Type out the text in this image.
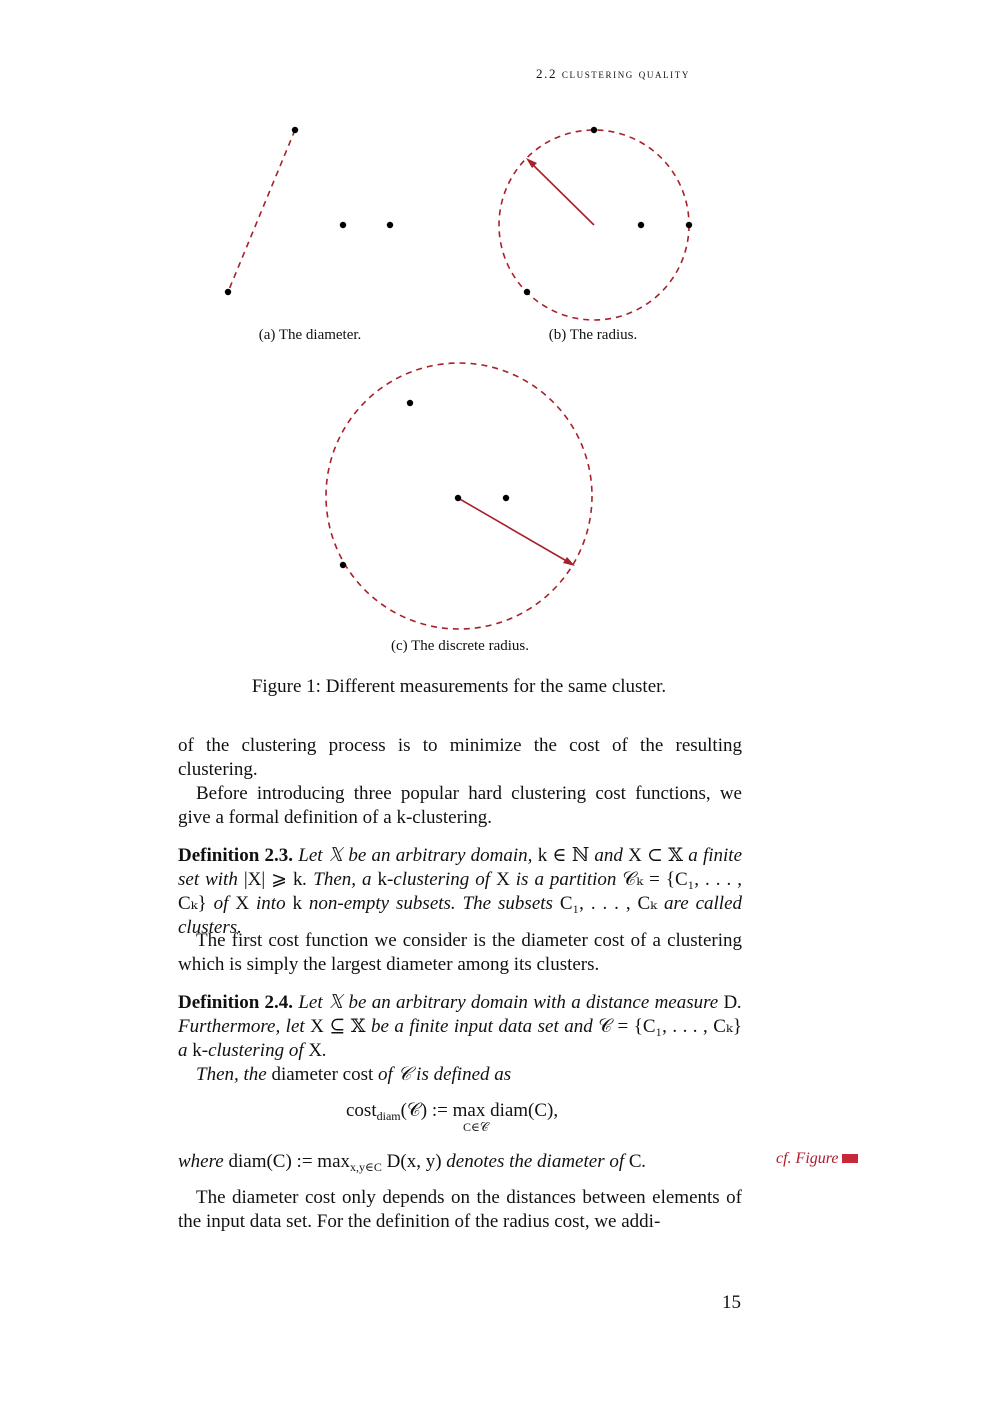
2.2 clustering quality
(a) The diameter.	(b) The radius.
(c) The discrete radius.
Figure 1: Different measurements for the same cluster.
of the clustering process is to minimize the cost of the resulting clustering.
Before introducing three popular hard clustering cost functions, we give a formal definition of a k-clustering.
Definition 2.3. Let 𝕏 be an arbitrary domain, k ∈ ℕ and X ⊂ 𝕏 a finite set with |X| ⩾ k. Then, a k-clustering of X is a partition 𝒞ₖ = {C₁, . . . , Cₖ} of X into k non-empty subsets. The subsets C₁, . . . , Cₖ are called clusters.
The first cost function we consider is the diameter cost of a clustering which is simply the largest diameter among its clusters.
Definition 2.4. Let 𝕏 be an arbitrary domain with a distance measure D. Furthermore, let X ⊆ 𝕏 be a finite input data set and 𝒞 = {C₁, . . . , Cₖ} a k-clustering of X.
Then, the diameter cost of 𝒞 is defined as
cost$_{diam}$(𝒞) := max diam(C),
C∈𝒞
where diam(C) := $\max_{x,y\in C} D(x$, y) denotes the diameter of C.	cf. Figure
The diameter cost only depends on the distances between elements of the input data set. For the definition of the radius cost, we addi-
15
